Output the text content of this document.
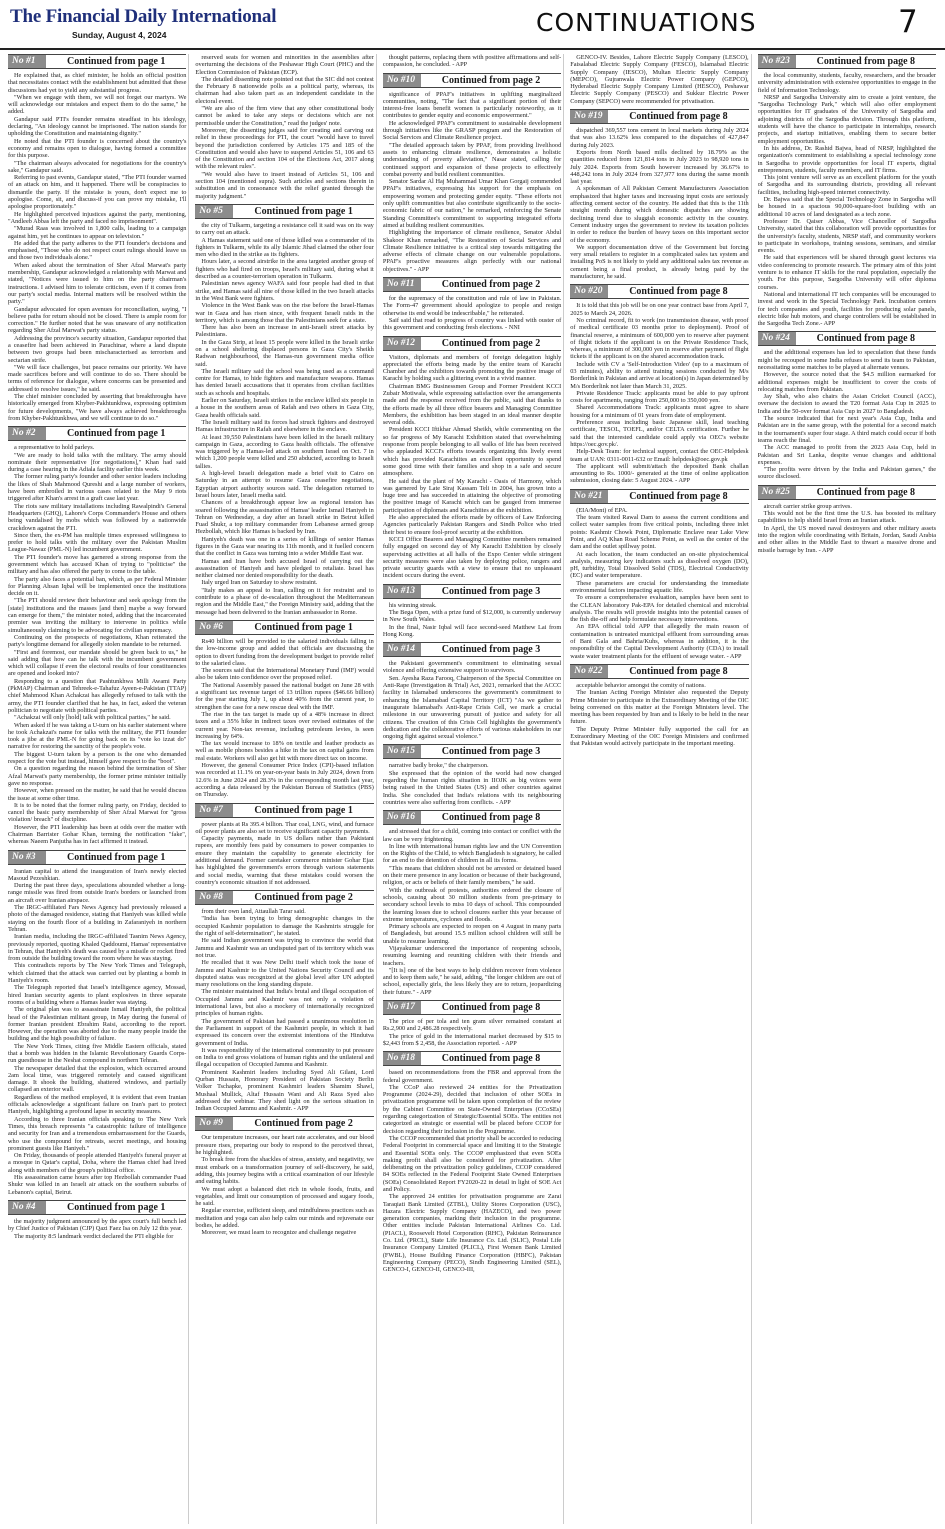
The Financial Daily International
Sunday, August 4, 2024	CONTINUATIONS	7
No #1	Continued from page 1

He explained that, as chief minister, he holds an official position that necessitates contact with the establishment but admitted that these discussions had yet to yield any substantial progress.

"When we engage with them, we will not forget our martyrs. We will acknowledge our mistakes and expect them to do the same," he added.

Gandapur said PTI's founder remains steadfast in his ideology, declaring, "An ideology cannot be imprisoned. The nation stands for upholding the Constitution and maintaining dignity."

He noted that the PTI founder is concerned about the country's economy and remains open to dialogue, having formed a committee for this purpose.

"The chairman always advocated for negotiations for the country's sake," Gandapur said.

Referring to past events, Gandapur stated, "The PTI founder warned of an attack on him, and it happened. There will be conspiracies to dismantle the party. If the mistake is yours, don't expect me to apologise. Come, sit, and discuss-if you can prove my mistake, I'll apologise proportionately."

He highlighted perceived injustices against the party, mentioning, "Andleeb Abbas left the party and faced no imprisonment".

"Murad Raas was involved in 1,800 calls, leading to a campaign against him, yet he continues to appear on television."

He added that the party adheres to the PTI founder's decisions and emphasised, "Those who do not respect court rulings should leave us and those two individuals alone."

When asked about the termination of Sher Afzal Marwat's party membership, Gandapur acknowledged a relationship with Marwat and stated, "Notices were issued to him on the party chairman's instructions. I advised him to tolerate criticism, even if it comes from our party's social media. Internal matters will be resolved within the party."

Gandapur advocated for open avenues for reconciliation, saying, "I believe paths for return should not be closed. There is ample room for correction." He further noted that he was unaware of any notification regarding Sher Afzal Marwat's party status.

Addressing the province's security situation, Gandapur reported that a ceasefire had been achieved in Parachinar, where a land dispute between two groups had been mischaracterised as terrorism and sectarian strife.

"We will face challenges, but peace remains our priority. We have made sacrifices before and will continue to do so. There should be terms of reference for dialogue, where concerns can be presented and addressed to resolve issues," he said.

The chief minister concluded by asserting that breakthroughs have historically emerged from Khyber-Pakhtunkhwa, expressing optimism for future developments, "We have always achieved breakthroughs from Khyber-Pakhtunkhwa, and we will continue to do so."

No #2	Continued from page 1

a representative to hold parleys.

"We are ready to hold talks with the military. The army should nominate their representative [for negotiations]," Khan had said during a case hearing in the Adiala facility earlier this week.

The former ruling party's founder and other senior leaders including the likes of Shah Mahmood Qureshi and a large number of workers, have been embroiled in various cases related to the May 9 riots triggered after Khan's arrest in a graft case last year.

The riots saw military installations including Rawalpindi's General Headquarters (GHQ), Lahore's Corps Commander's House and others being vandalised by mobs which was followed by a nationwide crackdown against the PTI.

Since then, the ex-PM has multiple times expressed willingness to prefer to hold talks with the military over the Pakistan Muslim League-Nawaz (PML-N) led incumbent government.

The PTI founder's move has garnered a strong response from the government which has accused Khan of trying to "politicise" the military and has also offered the party to come to the table.

The party also faces a potential ban, which, as per Federal Minister for Planning Ahsan Iqbal will be implemented once the institutions decide on it.

"The PTI should review their behaviour and seek apology from the [state] institutions and the masses [and then] maybe a way forward can emerge for them," the minister noted, adding that the incarcerated premier was inviting the military to intervene in politics while simultaneously claiming to be advocating for civilian supremacy.

Continuing on the prospects of negotiations, Khan reiterated the party's longtime demand for allegedly stolen mandate to be returned.

"First and foremost, our mandate should be given back to us," he said adding that how can he talk with the incumbent government which will collapse if even the electoral results of four constituencies are opened and looked into?

Responding to a question that Pashtunkhwa Milli Awami Party (PkMAP) Chairman and Tehreek-e-Tahafuz Ayeen-e-Pakistan (TTAP) chief Mahmood Khan Achakzai has allegedly refused to talk with the army, the PTI founder clarified that he has, in fact, asked the veteran politician to negotiate with political parties.

"Achakzai will only [hold] talk with political parties," he said.

When asked if he was taking a U-turn on his earlier statement where he took Achakzai's name for talks with the military, the PTI founder took a jibe at the PML-N for going back on its "vote ko izzat do" narrative for restoring the sanctity of the people's vote.

The biggest U-turn taken by a person is the one who demanded respect for the vote but instead, himself gave respect to the "boot".

On a question regarding the reason behind the termination of Sher Afzal Marwat's party membership, the former prime minister initially gave no response.

However, when pressed on the matter, he said that he would discuss the issue at some other time.

It is to be noted that the former ruling party, on Friday, decided to cancel the basic party membership of Sher Afzal Marwat for "gross violation/ breach" of discipline.

However, the PTI leadership has been at odds over the matter with Chairman Barrister Gohar Khan, terming the notification "fake", whereas Naeem Panjutha has in fact affirmed it instead.

No #3	Continued from page 1

Iranian capital to attend the inauguration of Iran's newly elected Masoud Pezeshkian.

During the past three days, speculations abounded whether a long-range missile was fired from outside Iran's borders or launched from an aircraft over Iranian airspace.

The IRGC-affiliated Fars News Agency had previously released a photo of the damaged residence, stating that Haniyeh was killed while staying on the fourth floor of a building in Zafaraniyeh in northern Tehran.

Iranian media, including the IRGC-affiliated Tasnim News Agency, previously reported, quoting Khaled Qaddoumi, Hamas' representative in Tehran, that Haniyeh's death was caused by a missile or rocket fired from outside the building toward the room where he was staying.

This contradicts reports by The New York Times and Telegraph, which claimed that the attack was carried out by planting a bomb in Haniyeh's room.

The Telegraph reported that Israel's intelligence agency, Mossad, hired Iranian security agents to plant explosives in three separate rooms of a building where a Hamas leader was staying.

The original plan was to assassinate Ismail Haniyeh, the political head of the Palestinian militant group, in May during the funeral of former Iranian president Ebrahim Raisi, according to the report. However, the operation was aborted due to the many people inside the building and the high possibility of failure.

The New York Times, citing five Middle Eastern officials, stated that a bomb was hidden in the Islamic Revolutionary Guards Corps-run guesthouse in the Neshat compound in northern Tehran.

The newspaper detailed that the explosion, which occurred around 2am local time, was triggered remotely and caused significant damage. It shook the building, shattered windows, and partially collapsed an exterior wall.

Regardless of the method employed, it is evident that even Iranian officials acknowledge a significant failure on Iran's part to protect Haniyeh, highlighting a profound lapse in security measures.

According to three Iranian officials speaking to The New York Times, this breach represents "a catastrophic failure of intelligence and security for Iran and a tremendous embarrassment for the Guards, who use the compound for retreats, secret meetings, and housing prominent guests like Haniyeh."

On Friday, thousands of people attended Haniyeh's funeral prayer at a mosque in Qatar's capital, Doha, where the Hamas chief had lived along with members of the group's political office.

His assassination came hours after top Hezbollah commander Fuad Shukr was killed in an Israeli air attack on the southern suburbs of Lebanon's capital, Beirut.

No #4	Continued from page 1

the majority judgment announced by the apex court's full bench led by Chief Justice of Pakistan (CJP) Qazi Faez Isa on July 12 this year.

The majority 8:5 landmark verdict declared the PTI eligible for

reserved seats for women and minorities in the assemblies after overturning the decisions of the Peshawar High Court (PHC) and the Election Commission of Pakistan (ECP).

The detailed dissenting note pointed out that the SIC did not contest the February 8 nationwide polls as a political party, whereas, its chairman had also taken part as an independent candidate in the electoral event.

"We are also of the firm view that any other constitutional body cannot be asked to take any steps or decisions which are not permissible under the Constitution," read the judges' note.

Moreover, the dissenting judges said for creating and carving out relief in these proceedings for PTI, the court "would have to travel beyond the jurisdiction conferred by Articles 175 and 185 of the Constitution and would also have to suspend Articles 51, 106 and 63 of the Constitution and section 104 of the Elections Act, 2017 along with the relevant rules".

"We would also have to insert instead of Articles 51, 106 and section 104 (mentioned supra). Such articles and sections therein in substitution and in consonance with the relief granted through the majority judgment."

No #5	Continued from page 1

the city of Tulkarm, targeting a resistance cell it said was on its way to carry out an attack.

A Hamas statement said one of those killed was a commander of its fighters in Tulkarm, while its ally Islamic Jihad claimed the other four men who died in the strike as its fighters.

Hours later, a second airstrike in the area targeted another group of fighters who had fired on troops, Israel's military said, during what it described as a counter-terrorism operation in Tulkarm.

Palestinian news agency WAFA said four people had died in that strike, and Hamas said all nine of those killed in the two Israeli attacks in the West Bank were fighters.

Violence in the West Bank was on the rise before the Israel-Hamas war in Gaza and has risen since, with frequent Israeli raids in the territory, which is among those that the Palestinians seek for a state.

There has also been an increase in anti-Israeli street attacks by Palestinians.

In the Gaza Strip, at least 15 people were killed in the Israeli strike on a school sheltering displaced persons in Gaza City's Sheikh Radwan neighbourhood, the Hamas-run government media office said.

The Israeli military said the school was being used as a command centre for Hamas, to hide fighters and manufacture weapons. Hamas has denied Israeli accusations that it operates from civilian facilities such as schools and hospitals.

Earlier on Saturday, Israeli strikes in the enclave killed six people in a house in the southern areas of Rafah and two others in Gaza City, Gaza health officials said.

The Israeli military said its forces had struck fighters and destroyed Hamas infrastructure in Rafah and elsewhere in the enclave.

At least 39,550 Palestinians have been killed in the Israeli military campaign in Gaza, according to Gaza health officials. The offensive was triggered by a Hamas-led attack on southern Israel on Oct. 7 in which 1,200 people were killed and 250 abducted, according to Israeli tallies.

A high-level Israeli delegation made a brief visit to Cairo on Saturday in an attempt to resume Gaza ceasefire negotiations, Egyptian airport authority sources said. The delegation returned to Israel hours later, Israeli media said.

Chances of a breakthrough appear low as regional tension has soared following the assassination of Hamas' leader Ismail Haniyeh in Tehran on Wednesday, a day after an Israeli strike in Beirut killed Fuad Shukr, a top military commander from Lebanese armed group Hezbollah, which like Hamas is backed by Iran.

Haniyeh's death was one in a series of killings of senior Hamas figures in the Gaza war nearing its 11th month, and it fuelled concern that the conflict in Gaza was turning into a wider Middle East war.

Hamas and Iran have both accused Israel of carrying out the assassination of Haniyeh and have pledged to retaliate. Israel has neither claimed nor denied responsibility for the death.

Italy urged Iran on Saturday to show restraint.

"Italy makes an appeal to Iran, calling on it for restraint and to contribute to a phase of de-escalation throughout the Mediterranean region and the Middle East," the Foreign Ministry said, adding that the message had been delivered to the Iranian ambassador in Rome.

No #6	Continued from page 1

Rs40 billion will be provided to the salaried individuals falling in the low-income group and added that officials are discussing the option to divert funding from the development budget to provide relief to the salaried class.

The sources said that the International Monetary Fund (IMF) would also be taken into confidence over the proposed relief.

The National Assembly passed the national budget on June 28 with a significant tax revenue target of 13 trillion rupees ($46.66 billion) for the year starting July 1, up about 40% from the current year, to strengthen the case for a new rescue deal with the IMF.

The rise in the tax target is made up of a 48% increase in direct taxes and a 35% hike in indirect taxes over revised estimates of the current year. Non-tax revenue, including petroleum levies, is seen increasing by 64%.

The tax would increase to 18% on textile and leather products as well as mobile phones besides a hike in the tax on capital gains from real estate. Workers will also get hit with more direct tax on income.

However, the general Consumer Price Index (CPI)-based inflation was recorded at 11.1% on year-on-year basis in July 2024, down from 12.6% in June 2024 and 28.3% in the corresponding month last year, according a data released by the Pakistan Bureau of Statistics (PBS) on Thursday.

No #7	Continued from page 1

power plants at Rs 395.4 billion. Thar coal, LNG, wind, and furnace oil power plants are also set to receive significant capacity payments.

Capacity payments, made in US dollars rather than Pakistani rupees, are monthly fees paid by consumers to power companies to ensure they maintain the capability to generate electricity for additional demand. Former caretaker commerce minister Gohar Ejaz has highlighted the government's errors through various statements and social media, warning that these mistakes could worsen the country's economic situation if not addressed.

No #8	Continued from page 2

from their own land, Attaullah Tarar said.

"India has been trying to bring demographic changes in the occupied Kashmir population to damage the Kashmiris struggle for the right of self-determination", he stated.

He said Indian government was trying to convince the world that Jammu and Kashmir was an undisputed part of its territory which was not true.

He recalled that it was New Delhi itself which took the issue of Jammu and Kashmir to the United Nations Security Council and its disputed status was recognized at the global level after UN adopted many resolutions on the long standing dispute.

The minister maintained that India's brutal and illegal occupation of Occupied Jammu and Kashmir was not only a violation of international laws, but also a mockery of internationally recognized principles of human rights.

The government of Pakistan had passed a unanimous resolution in the Parliament in support of the Kashmiri people, in which it had expressed its concern over the extremist intentions of the Hindutva government of India.

It was responsibility of the international community to put pressure on India to end gross violations of human rights and the unilateral and illegal occupation of Occupied Jammu and Kashmir.

Prominent Kashmiri leaders including Syed Ali Gilani, Lord Qurban Hussain, Honorary President of Pakistan Society Berlin Volker Tschapke, prominent Kashmiri leaders Shamim Shawl, Mushaal Mullick, Altaf Hussain Wani and Ali Raza Syed also addressed the webinar. They shed light on the serious situation in Indian Occupied Jammu and Kashmir. - APP

No #9	Continued from page 2

Our temperature increases, our heart rate accelerates, and our blood pressure rises, preparing our body to respond to the perceived threat, he highlighted.

To break free from the shackles of stress, anxiety, and negativity, we must embark on a transformation journey of self-discovery, he said, adding, this journey begins with a critical examination of our lifestyle and eating habits.

We must adopt a balanced diet rich in whole foods, fruits, and vegetables, and limit our consumption of processed and sugary foods, he said.

Regular exercise, sufficient sleep, and mindfulness practices such as meditation and yoga can also help calm our minds and rejuvenate our bodies, he added.

Moreover, we must learn to recognize and challenge negative

thought patterns, replacing them with positive affirmations and self-compassion, he concluded. - APP

No #10	Continued from page 2

significance of PPAF's initiatives in uplifting marginalized communities, noting, "The fact that a significant portion of their interest-free loans benefit women is particularly noteworthy, as it contributes to gender equity and economic empowerment."

He acknowledged PPAF's commitment to sustainable development through initiatives like the GRASP program and the Restoration of Social Services and Climate Resilience project.

"The detailed approach taken by PPAF, from providing livelihood assets to enhancing climate resilience, demonstrates a holistic understanding of poverty alleviation," Nasar stated, calling for continued support and expansion of these projects to effectively combat poverty and build resilient communities.

Senator Sardar Al Haj Muhammad Umar Khan Gorgaij commended PPAF's initiatives, expressing his support for the emphasis on empowering women and protecting gender equity. "These efforts not only uplift communities but also contribute significantly to the socio-economic fabric of our nation," he remarked, reinforcing the Senate Standing Committee's commitment to supporting integrated efforts aimed at building resilient communities.

Highlighting the importance of climate resilience, Senator Abdul Shakoor Khan remarked, "The Restoration of Social Services and Climate Resilience initiative is a critical step towards mitigating the adverse effects of climate change on our vulnerable populations. PPAF's proactive measures align perfectly with our national objectives." - APP

No #11	Continued from page 2

for the supremacy of the constitution and rule of law in Pakistan. The Form-47 government should apologize to people and resign otherwise its end would be indescribable," he reiterated.

Saif said that road to progress of country was linked with ouster of this government and conducting fresh elections. - NNI

No #12	Continued from page 2

Visitors, diplomats and members of foreign delegation highly appreciated the efforts being made by the entire team of Karachi Chamber and the exhibitors towards promoting the positive image of Karachi by holding such a glittering event in a vivid manner.

Chairman BMG Businessmen Group and Former President KCCI Zubair Motiwala, while expressing satisfaction over the arrangements made and the response received from the public, said that thanks to the efforts made by all three office bearers and Managing Committee Members, the exhibition has been staged in an ideal manner despite several odds.

President KCCI Iftikhar Ahmad Sheikh, while commenting on the so far progress of My Karachi Exhibition stated that overwhelming response from people belonging to all walks of life has been received who applauded KCCI's efforts towards organizing this lively event which has provided Karachiites an excellent opportunity to spend some good time with their families and shop in a safe and secure atmosphere.

He said that the plant of My Karachi - Oasis of Harmony, which was garnered by Late Siraj Kassam Teli in 2004, has grown into a huge tree and has succeeded in attaining the objective of promoting the positive image of Karachi which can be gauged from immense participation of diplomats and Karachiites at the exhibition.

He also appreciated the efforts made by officers of Law Enforcing Agencies particularly Pakistan Rangers and Sindh Police who tried their best to ensure fool-proof security at the exhibition.

KCCI Office Bearers and Managing Committee members remained fully engaged on second day of My Karachi Exhibition by closely supervising activities at all halls of the Expo Center while stringent security measures were also taken by deploying police, rangers and private security guards with a view to ensure that no unpleasant incident occurs during the event.

No #13	Continued from page 3

his winning streak.

The Bega Open, with a prize fund of $12,000, is currently underway in New South Wales.

In the final, Nasir Iqbal will face second-seed Matthew Lai from Hong Kong.

No #14	Continued from page 3

the Pakistani government's commitment to eliminating sexual violence and offering extensive support to survivors.

Sen. Ayesha Raza Farooq, Chairperson of the Special Committee on Anti-Rape (Investigation & Trial) Act, 2021, remarked that the ACCC facility in Islamabad underscores the government's commitment to enhancing the Islamabad Capital Territory (ICT) "As we gather to inaugurate Islamabad's Anti-Rape Crisis Cell, we mark a crucial milestone in our unwavering pursuit of justice and safety for all citizens. The creation of this Crisis Cell highlights the government's dedication and the collaborative efforts of various stakeholders in our ongoing fight against sexual violence."

No #15	Continued from page 3

narrative badly broke," the chairperson.

She expressed that the opinion of the world had now changed regarding the human rights situation in IIOJK as big voices were being raised in the United States (US) and other countries against India. She concluded that India's relations with its neighbouring countries were also suffering from conflicts. - APP

No #16	Continued from page 8

and stressed that for a child, coming into contact or conflict with the law can be very frightening.

In line with international human rights law and the UN Convention on the Rights of the Child, to which Bangladesh is signatory, he called for an end to the detention of children in all its forms.

"This means that children should not be arrested or detained based on their mere presence in any location or because of their background, religion, or acts or beliefs of their family members," he said.

With the outbreak of protests, authorities ordered the closure of schools, causing about 30 million students from pre-primary to secondary school levels to miss 10 days of school. This compounded the learning losses due to school closures earlier this year because of extreme temperatures, cyclones and floods.

Primary schools are expected to reopen on 4 August in many parts of Bangladesh, but around 15.5 million school children will still be unable to resume learning.

Vijayakumar underscored the importance of reopening schools, resuming learning and reuniting children with their friends and teachers.

"[It is] one of the best ways to help children recover from violence and to keep them safe," he said, adding, "the longer children are out of school, especially girls, the less likely they are to return, jeopardizing their future." - APP

No #17	Continued from page 8

The price of per tola and ten gram silver remained constant at Rs.2,900 and 2,486.28 respectively.

The price of gold in the international market decreased by $15 to $2,443 from $ 2,458, the Association reported. - APP

No #18	Continued from page 8

based on recommendations from the FBR and approval from the federal government.

The CCoP also reviewed 24 entities for the Privatization Programme (2024-29), decided that inclusion of other SOEs in privatization programme will be taken upon completion of the review by the Cabinet Committee on State-Owned Enterprises (CCoSEs) regarding categorization of Strategic/Essential SOEs. The entities not categorized as strategic or essential will be placed before CCOP for decision regarding their inclusion in the Programme.

The CCOP recommended that priority shall be accorded to reducing Federal Footprint in commercial space and limiting it to the Strategic and Essential SOEs only. The CCOP emphasized that even SOEs making profit shall also be considered for privatization. After deliberating on the privatization policy guidelines, CCOP considered 84 SOEs reflected in the Federal Footprint State Owned Enterprises (SOEs) Consolidated Report FY2020-22 in detail in light of SOE Act and Policy.

The approved 24 entities for privatisation programme are Zarai Taraqiati Bank Limited (ZTBL), Utility Stores Corporation (USC), Hazara Electric Supply Company (HAZECO), and two power generation companies, marking their inclusion in the programme. Other entities include Pakistan International Airlines Co. Ltd. (PIACL), Roosevelt Hotel Corporation (RHC), Pakistan Reinsurance Co. Ltd. (PRCL), State Life Insurance Co. Ltd. (SLIC), Postal Life Insurance Company Limited (PLICL), First Women Bank Limited (FWBL), House Building Finance Corporation (HBFC), Pakistan Engineering Company (PECO), Sindh Engineering Limited (SEL), GENCO-I, GENCO-II, GENCO-III,

GENCO-IV. Besides, Lahore Electric Supply Company (LESCO), Faisalabad Electric Supply Company (FESCO), Islamabad Electric Supply Company (IESCO), Multan Electric Supply Company (MEPCO), Gujranwala Electric Power Company (GEPCO), Hyderabad Electric Supply Company Limited (HESCO), Peshawar Electric Supply Company (PESCO) and Sukkur Electric Power Company (SEPCO) were recommended for privatisation.

No #19	Continued from page 8

dispatched 369,557 tons cement in local markets during July 2024 that was also 13.62% less compared to the dispatches of 427,847 during July 2023.

Exports from North based mills declined by 18.79% as the quantities reduced from 121,814 tons in July 2023 to 98,920 tons in July 2024. Exports from South however increased by 36.67% to 448,242 tons in July 2024 from 327,977 tons during the same month last year.

A spokesman of All Pakistan Cement Manufacturers Association emphasized that higher taxes and increasing input costs are seriously affecting cement sector of the country. He added that this is the 11th straight month during which domestic dispatches are showing declining trend due to sluggish economic activity in the country. Cement industry urges the government to review its taxation policies in order to reduce the burden of heavy taxes on this important sector of the economy.

We support documentation drive of the Government but forcing very small retailers to register in a complicated sales tax system and installing PoS is not likely to yield any additional sales tax revenue as cement being a final product, is already being paid by the manufacturer, he said.

No #20	Continued from page 8

It is told that this job will be on one year contract base from April 7, 2025 to March 24, 2026.

No criminal record, fit to work (no transmission disease, with proof of medical certificate 03 months prior to deployment). Proof of financial reserve, a minimum of 600,000 yen to reserve after payment of flight tickets if the applicant is on the Private Residence Track, whereas, a minimum of 300,000 yen in reserve after payment of flight tickets if the applicant is on the shared accommodation track.

Include with CV a 'Self-Introduction Video' (up to a maximum of 03 minutes), ability to attend training sessions conducted by M/s Borderlink in Pakistan and arrive at location(s) in Japan determined by M/s Borderlink not later than March 31, 2025.

Private Residence Track: applicants must be able to pay upfront costs for apartments, ranging from 250,000 to 350,000 yen.

Shared Accommodations Track: applicants must agree to share housing for a minimum of 01 years from date of employment.

Preference areas including basic Japanese skill, lead teaching certificate, TESOL, TOEFL, and/or CELTA certification. Further he said that the interested candidate could apply via OEC's website https://oec.gov.pk/.

Help-Desk Team: for technical support, contact the OEC-Helpdesk team at UAN: 0311-0011-632 or Email: helpdesk@oec.gov.pk

The applicant will submit/attach the deposited Bank challan amounting to Rs. 1000/- generated at the time of online application submission, closing date: 5 August 2024. - APP

No #21	Continued from page 8

(EIA/Mont) of EPA.

The team visited Rawal Dam to assess the current conditions and collect water samples from five critical points, including three inlet points: Kashmir Chowk Point, Diplomatic Enclave near Lake View Point, and AQ Khan Road Scheme Point, as well as the center of the dam and the outlet spillway point.

At each location, the team conducted an on-site physiochemical analysis, measuring key indicators such as dissolved oxygen (DO), pH, turbidity, Total Dissolved Solid (TDS), Electrical Conductivity (EC) and water temperature.

These parameters are crucial for understanding the immediate environmental factors impacting aquatic life.

To ensure a comprehensive evaluation, samples have been sent to the CLEAN laboratory Pak-EPA for detailed chemical and microbial analysis. The results will provide insights into the potential causes of the fish die-off and help formulate necessary interventions.

An EPA official told APP that allegedly the main reason of contamination is untreated municipal effluent from surrounding areas of Bani Gala and Bahria/Kuhs, whereas in addition, it is the responsibility of the Capital Development Authority (CDA) to install waste water treatment plants for the effluent of sewage water. - APP

No #22	Continued from page 8

acceptable behavior amongst the comity of nations.

The Iranian Acting Foreign Minister also requested the Deputy Prime Minister to participate in the Extraordinary Meeting of the OIC being convened on this matter at the Foreign Ministers level. The meeting has been requested by Iran and is likely to be held in the near future.

The Deputy Prime Minister fully supported the call for an Extraordinary Meeting of the OIC Foreign Ministers and confirmed that Pakistan would actively participate in the important meeting.

No #23	Continued from page 8

the local community, students, faculty, researchers, and the broader university administration with extensive opportunities to engage in the field of Information Technology.

NRSP and Sargodha University aim to create a joint venture, the "Sargodha Technology Park," which will also offer employment opportunities for IT graduates of the University of Sargodha and adjoining districts of the Sargodha division. Through this platform, students will have the chance to participate in internships, research projects, and startup initiatives, enabling them to secure better employment opportunities.

In his address, Dr. Rashid Bajwa, head of NRSP, highlighted the organization's commitment to establishing a special technology zone in Sargodha to provide opportunities for local IT experts, digital entrepreneurs, students, faculty members, and IT firms.

This joint venture will serve as an excellent platform for the youth of Sargodha and its surrounding districts, providing all relevant facilities, including high-speed internet connectivity.

Dr. Bajwa said that the Special Technology Zone in Sargodha will be housed in a spacious 90,000-square-foot building with an additional 10 acres of land designated as a tech zone.

Professor Dr. Qaiser Abbas, Vice Chancellor of Sargodha University, stated that this collaboration will provide opportunities for the university's faculty, students, NRSP staff, and community workers to participate in workshops, training sessions, seminars, and similar events.

He said that experiences will be shared through guest lectures via video conferencing to promote research. The primary aim of this joint venture is to enhance IT skills for the rural population, especially the youth. For this purpose, Sargodha University will offer diploma courses.

National and international IT tech companies will be encouraged to invest and work in the Special Technology Park. Incubation centers for tech companies and youth, facilities for producing solar panels, electric bike hub motors, and charge controllers will be established in the Sargodha Tech Zone.- APP

No #24	Continued from page 8

and the additional expenses has led to speculation that these funds might be recouped in some India refuses to send its team to Pakistan, necessitating some matches to be played at alternate venues.

However, the source noted that the $4.5 million earmarked for additional expenses might be insufficient to cover the costs of relocating matches from Pakistan.

Jay Shah, who also chairs the Asian Cricket Council (ACC), oversaw the decision to award the T20 format Asia Cup in 2025 to India and the 50-over format Asia Cup in 2027 to Bangladesh.

The source indicated that for next year's Asia Cup, India and Pakistan are in the same group, with the potential for a second match in the tournament's super four stage. A third match could occur if both teams reach the final.

The ACC managed to profit from the 2023 Asia Cup, held in Pakistan and Sri Lanka, despite venue changes and additional expenses.

"The profits were driven by the India and Pakistan games," the source disclosed.

No #25	Continued from page 8

aircraft carrier strike group arrives.

This would not be the first time the U.S. has boosted its military capabilities to help shield Israel from an Iranian attack.

In April, the US moved naval destroyers and other military assets into the region while coordinating with Britain, Jordan, Saudi Arabia and other allies in the Middle East to thwart a massive drone and missile barrage by Iran. - APP
